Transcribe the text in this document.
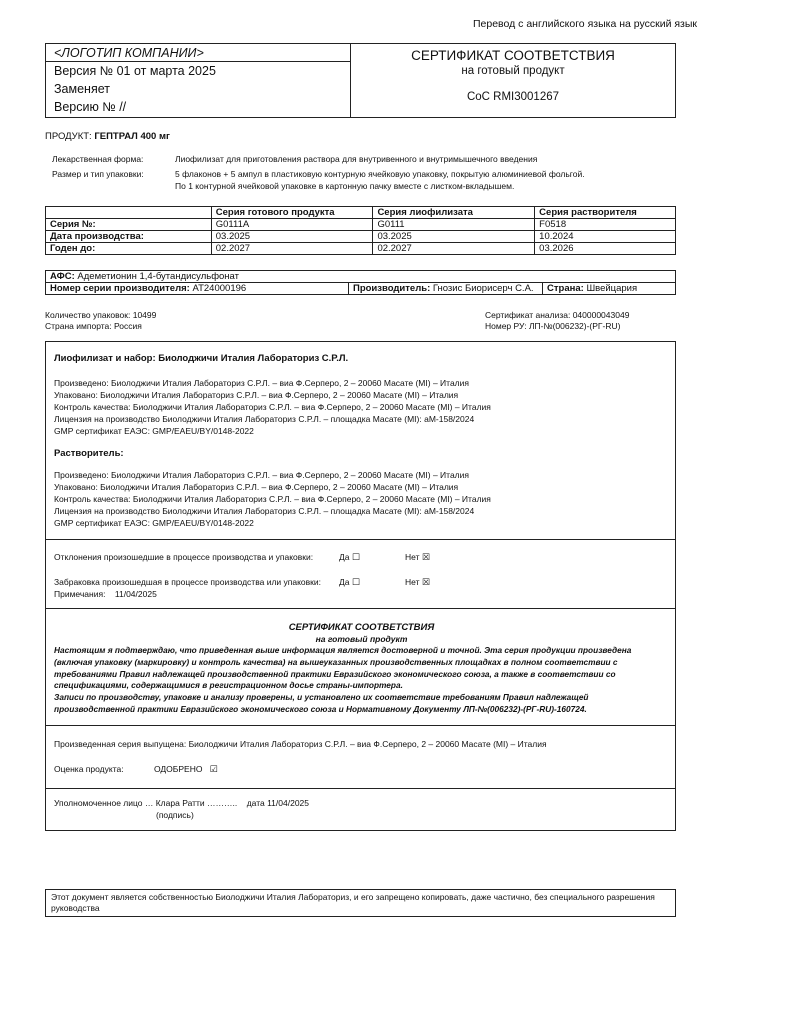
Перевод с английского языка на русский язык
<ЛОГОТИП КОМПАНИИ>
Версия № 01 от марта 2025
Заменяет
Версию № //
СЕРТИФИКАТ СООТВЕТСТВИЯ
на готовый продукт
CoC RMI3001267
ПРОДУКТ: ГЕПТРАЛ 400 мг
Лекарственная форма:	Лиофилизат для приготовления раствора для внутривенного и внутримышечного введения
Размер и тип упаковки:	5 флаконов + 5 ампул в пластиковую контурную ячейковую упаковку, покрытую алюминиевой фольгой.
По 1 контурной ячейковой упаковке в картонную пачку вместе с листком-вкладышем.
	Серия готового продукта	Серия лиофилизата	Серия растворителя
Серия №:	G0111A	G0111	F0518
Дата производства:	03.2025	03.2025	10.2024
Годен до:	02.2027	02.2027	03.2026
АФС: Адеметионин 1,4-бутандисульфонат
Номер серии производителя: AT24000196	Производитель: Гнозис Биорисерч С.А.	Страна: Швейцария
Количество упаковок: 10499
Страна импорта: Россия
Сертификат анализа: 040000043049
Номер РУ: ЛП-№(006232)-(РГ-RU)
Лиофилизат и набор: Биолоджичи Италия Лабораториз С.Р.Л.
Произведено: Биолоджичи Италия Лабораториз С.Р.Л. – виа Ф.Серперо, 2 – 20060 Масате (MI) – Италия
Упаковано: Биолоджичи Италия Лабораториз С.Р.Л. – виа Ф.Серперо, 2 – 20060 Масате (MI) – Италия
Контроль качества: Биолоджичи Италия Лабораториз С.Р.Л. – виа Ф.Серперо, 2 – 20060 Масате (MI) – Италия
Лицензия на производство Биолоджичи Италия Лабораториз С.Р.Л. – площадка Масате (MI): aM-158/2024
GMP сертификат ЕАЭС: GMP/EAEU/BY/0148-2022
Растворитель:
Произведено: Биолоджичи Италия Лабораториз С.Р.Л. – виа Ф.Серперо, 2 – 20060 Масате (MI) – Италия
Упаковано: Биолоджичи Италия Лабораториз С.Р.Л. – виа Ф.Серперо, 2 – 20060 Масате (MI) – Италия
Контроль качества: Биолоджичи Италия Лабораториз С.Р.Л. – виа Ф.Серперо, 2 – 20060 Масате (MI) – Италия
Лицензия на производство Биолоджичи Италия Лабораториз С.Р.Л. – площадка Масате (MI): aM-158/2024
GMP сертификат ЕАЭС: GMP/EAEU/BY/0148-2022
Отклонения произошедшие в процессе производства и упаковки:	Да ☐	Нет ☒
Забраковка произошедшая в процессе производства или упаковки: Да ☐	Нет ☒
Примечания: 11/04/2025
СЕРТИФИКАТ СООТВЕТСТВИЯ
на готовый продукт
Настоящим я подтверждаю, что приведенная выше информация является достоверной и точной. Эта серия продукции произведена (включая упаковку (маркировку) и контроль качества) на вышеуказанных производственных площадках в полном соответствии с требованиями Правил надлежащей производственной практики Евразийского экономического союза, а также в соответствии со спецификациями, содержащимися в регистрационном досье страны-импортера.
Записи по производству, упаковке и анализу проверены, и установлено их соответствие требованиям Правил надлежащей производственной практики Евразийского экономического союза и Нормативному Документу ЛП-№(006232)-(РГ-RU)-160724.
Произведенная серия выпущена: Биолоджичи Италия Лабораториз С.Р.Л. – виа Ф.Серперо, 2 – 20060 Масате (MI) – Италия
Оценка продукта:	ОДОБРЕНО ☑
Уполномоченное лицо … Клара Ратти ……….. дата 11/04/2025
(подпись)
Этот документ является собственностью Биолоджичи Италия Лабораториз, и его запрещено копировать, даже частично, без специального разрешения руководства
